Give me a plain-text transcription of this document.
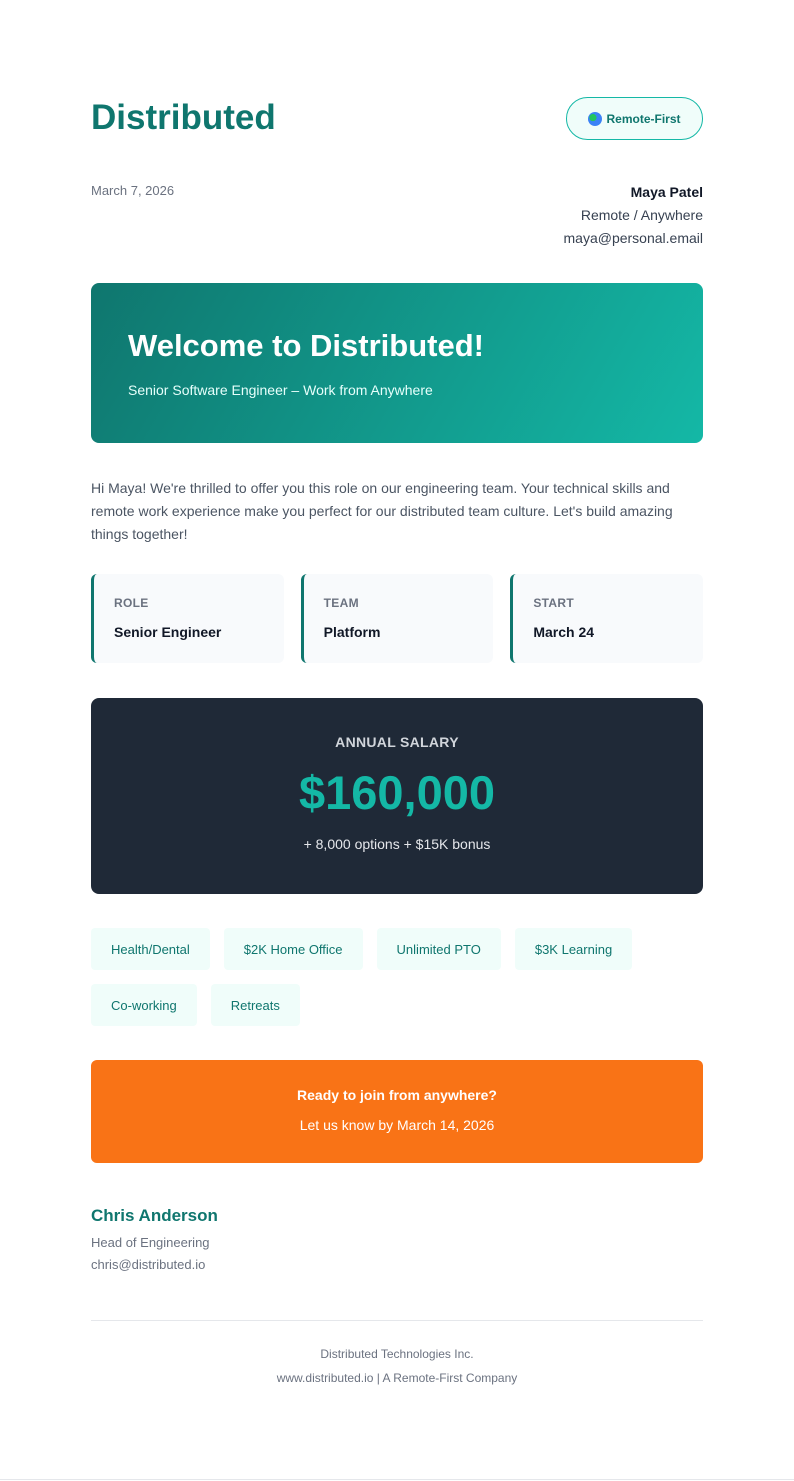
Distributed	Remote-First
March 7, 2026	Maya Patel
Remote / Anywhere
maya@personal.email
Welcome to Distributed!

Senior Software Engineer – Work from Anywhere

Hi Maya! We're thrilled to offer you this role on our engineering team. Your technical skills and remote work experience make you perfect for our distributed team culture. Let's build amazing things together!
ROLE
Senior Engineer
TEAM
Platform
START
March 24
ANNUAL SALARY
$160,000
+ 8,000 options + $15K bonus
Health/Dental	$2K Home Office	Unlimited PTO	$3K Learning
Co-working	Retreats
Ready to join from anywhere?
Let us know by March 14, 2026
Chris Anderson
Head of Engineering
chris@distributed.io
Distributed Technologies Inc.
www.distributed.io | A Remote-First Company
